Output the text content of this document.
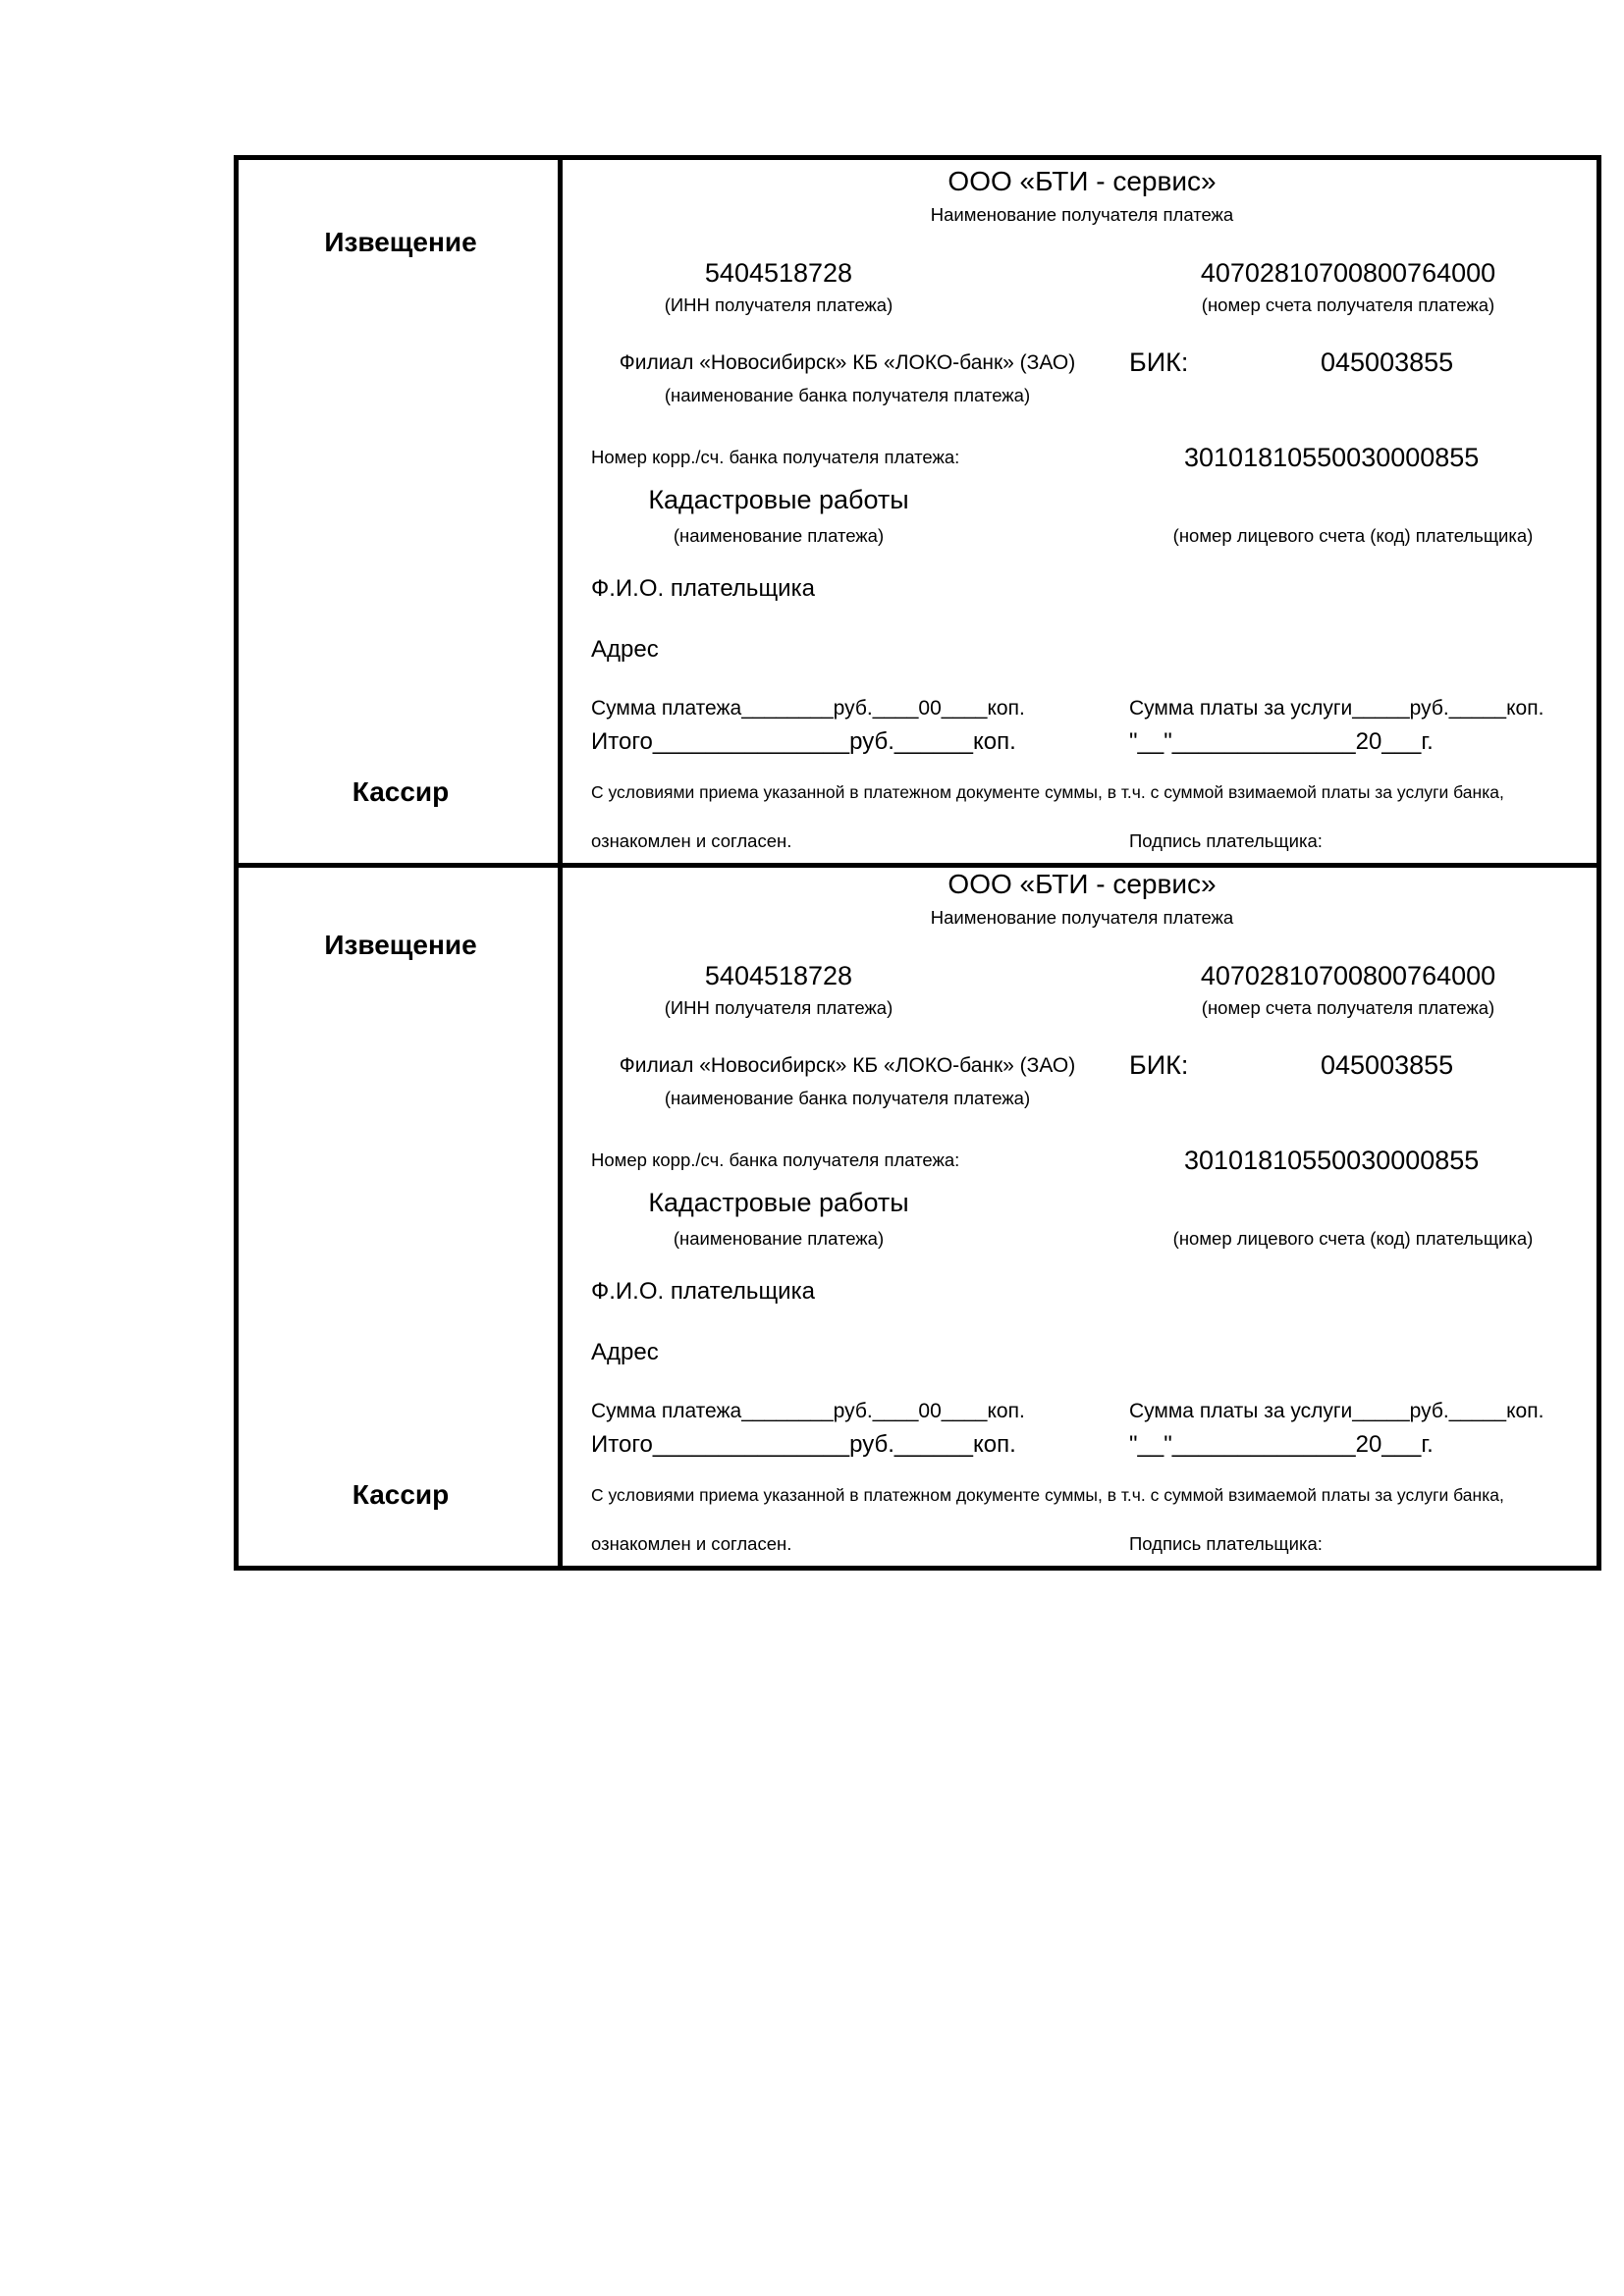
Извещение
Кассир
ООО «БТИ - сервис»
Наименование получателя платежа
5404518728
(ИНН получателя платежа)
40702810700800764000
(номер счета получателя платежа)
Филиал «Новосибирск» КБ «ЛОКО-банк» (ЗАО)
(наименование банка получателя платежа)
БИК:	045003855
Номер корр./сч. банка получателя платежа:	30101810550030000855
Кадастровые работы
(наименование платежа)	(номер лицевого счета (код) плательщика)
Ф.И.О. плательщика
Адрес
Сумма платежа________руб.____00____коп.	Сумма платы за услуги_____руб._____коп.
Итого_______________руб.______коп.	"__"______________20___г.
С условиями приема указанной в платежном документе суммы, в т.ч. с суммой взимаемой платы за услуги банка,
ознакомлен и согласен.	Подпись плательщика:
Извещение
Кассир
ООО «БТИ - сервис»
Наименование получателя платежа
5404518728
(ИНН получателя платежа)
40702810700800764000
(номер счета получателя платежа)
Филиал «Новосибирск» КБ «ЛОКО-банк» (ЗАО)
(наименование банка получателя платежа)
БИК:	045003855
Номер корр./сч. банка получателя платежа:	30101810550030000855
Кадастровые работы
(наименование платежа)	(номер лицевого счета (код) плательщика)
Ф.И.О. плательщика
Адрес
Сумма платежа________руб.____00____коп.	Сумма платы за услуги_____руб._____коп.
Итого_______________руб.______коп.	"__"______________20___г.
С условиями приема указанной в платежном документе суммы, в т.ч. с суммой взимаемой платы за услуги банка,
ознакомлен и согласен.	Подпись плательщика:
